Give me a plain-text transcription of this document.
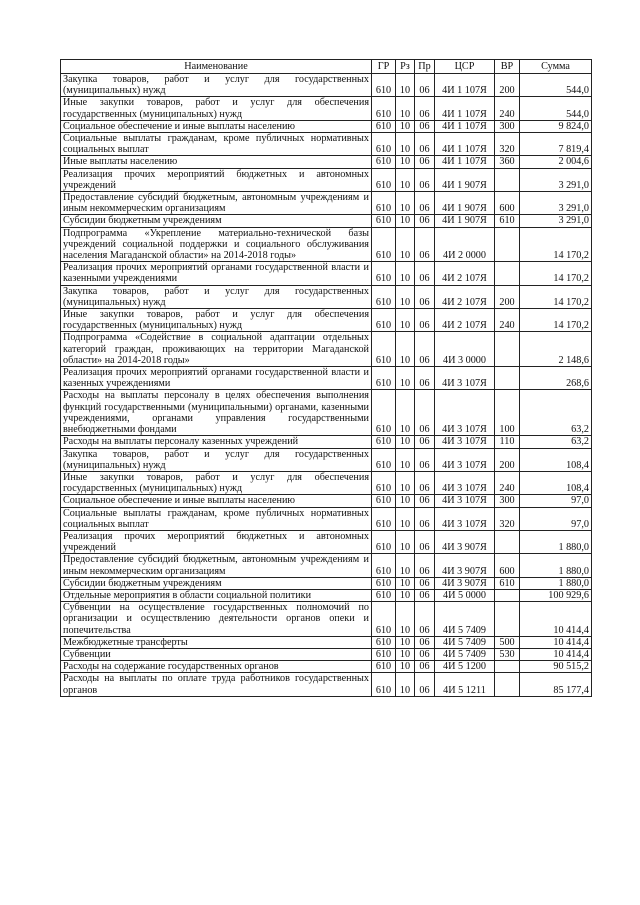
Наименование	ГР	Рз	Пр	ЦСР	ВР	Сумма
Закупка товаров, работ и услуг для государственных (муниципальных) нужд	610	10	06	4И 1 107Я	200	544,0
Иные закупки товаров, работ и услуг для обеспечения государственных (муниципальных) нужд	610	10	06	4И 1 107Я	240	544,0
Социальное обеспечение и иные выплаты населению	610	10	06	4И 1 107Я	300	9 824,0
Социальные выплаты гражданам, кроме публичных нормативных социальных выплат	610	10	06	4И 1 107Я	320	7 819,4
Иные выплаты населению	610	10	06	4И 1 107Я	360	2 004,6
Реализация прочих мероприятий бюджетных и автономных учреждений	610	10	06	4И 1 907Я		3 291,0
Предоставление субсидий бюджетным, автономным учреждениям и иным некоммерческим организациям	610	10	06	4И 1 907Я	600	3 291,0
Субсидии бюджетным учреждениям	610	10	06	4И 1 907Я	610	3 291,0
Подпрограмма «Укрепление материально-технической базы учреждений социальной поддержки и социального обслуживания населения Магаданской области» на 2014-2018 годы»	610	10	06	4И 2 0000		14 170,2
Реализация прочих мероприятий органами государственной власти и казенными учреждениями	610	10	06	4И 2 107Я		14 170,2
Закупка товаров, работ и услуг для государственных (муниципальных) нужд	610	10	06	4И 2 107Я	200	14 170,2
Иные закупки товаров, работ и услуг для обеспечения государственных (муниципальных) нужд	610	10	06	4И 2 107Я	240	14 170,2
Подпрограмма «Содействие в социальной адаптации отдельных категорий граждан, проживающих на территории Магаданской области» на 2014-2018 годы»	610	10	06	4И 3 0000		2 148,6
Реализация прочих мероприятий органами государственной власти и казенных учреждениями	610	10	06	4И 3 107Я		268,6
Расходы на выплаты персоналу в целях обеспечения выполнения функций государственными (муниципальными) органами, казенными учреждениями, органами управления государственными внебюджетными фондами	610	10	06	4И 3 107Я	100	63,2
Расходы на выплаты персоналу казенных учреждений	610	10	06	4И 3 107Я	110	63,2
Закупка товаров, работ и услуг для государственных (муниципальных) нужд	610	10	06	4И 3 107Я	200	108,4
Иные закупки товаров, работ и услуг для обеспечения государственных (муниципальных) нужд	610	10	06	4И 3 107Я	240	108,4
Социальное обеспечение и иные выплаты населению	610	10	06	4И 3 107Я	300	97,0
Социальные выплаты гражданам, кроме публичных нормативных социальных выплат	610	10	06	4И 3 107Я	320	97,0
Реализация прочих мероприятий бюджетных и автономных учреждений	610	10	06	4И 3 907Я		1 880,0
Предоставление субсидий бюджетным, автономным учреждениям и иным некоммерческим организациям	610	10	06	4И 3 907Я	600	1 880,0
Субсидии бюджетным учреждениям	610	10	06	4И 3 907Я	610	1 880,0
Отдельные мероприятия в области социальной политики	610	10	06	4И 5 0000		100 929,6
Субвенции на осуществление государственных полномочий по организации и осуществлению деятельности органов опеки и попечительства	610	10	06	4И 5 7409		10 414,4
Межбюджетные трансферты	610	10	06	4И 5 7409	500	10 414,4
Субвенции	610	10	06	4И 5 7409	530	10 414,4
Расходы на содержание государственных органов	610	10	06	4И 5 1200		90 515,2
Расходы на выплаты по оплате труда работников государственных органов	610	10	06	4И 5 1211		85 177,4
